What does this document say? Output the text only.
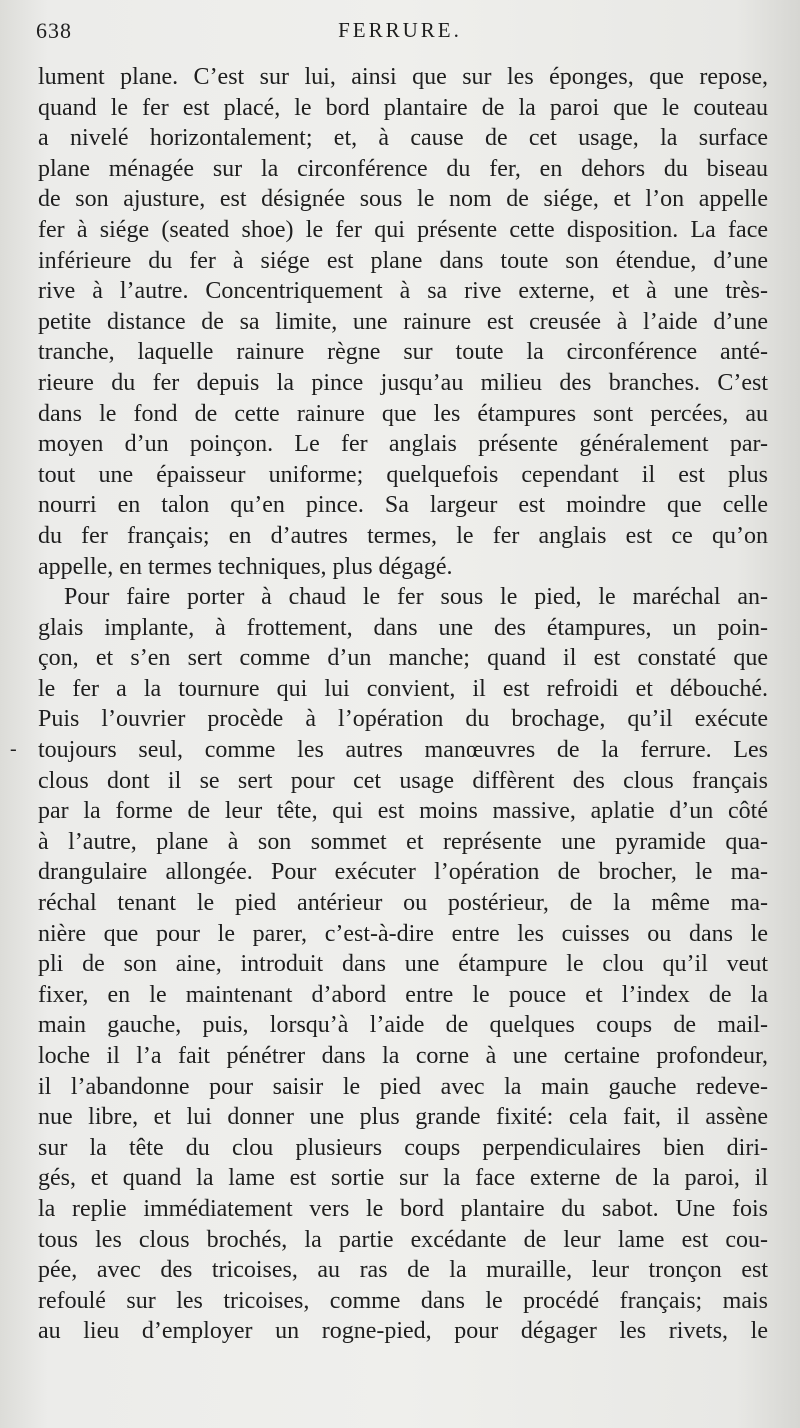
638	FERRURE.
-
lument plane. C’est sur lui, ainsi que sur les éponges, que repose,
quand le fer est placé, le bord plantaire de la paroi que le couteau
a nivelé horizontalement; et, à cause de cet usage, la surface
plane ménagée sur la circonférence du fer, en dehors du biseau
de son ajusture, est désignée sous le nom de siége, et l’on appelle
fer à siége (seated shoe) le fer qui présente cette disposition. La face
inférieure du fer à siége est plane dans toute son étendue, d’une
rive à l’autre. Concentriquement à sa rive externe, et à une très-
petite distance de sa limite, une rainure est creusée à l’aide d’une
tranche, laquelle rainure règne sur toute la circonférence anté-
rieure du fer depuis la pince jusqu’au milieu des branches. C’est
dans le fond de cette rainure que les étampures sont percées, au
moyen d’un poinçon. Le fer anglais présente généralement par-
tout une épaisseur uniforme; quelquefois cependant il est plus
nourri en talon qu’en pince. Sa largeur est moindre que celle
du fer français; en d’autres termes, le fer anglais est ce qu’on
appelle, en termes techniques, plus dégagé.
Pour faire porter à chaud le fer sous le pied, le maréchal an-
glais implante, à frottement, dans une des étampures, un poin-
çon, et s’en sert comme d’un manche; quand il est constaté que
le fer a la tournure qui lui convient, il est refroidi et débouché.
Puis l’ouvrier procède à l’opération du brochage, qu’il exécute
toujours seul, comme les autres manœuvres de la ferrure. Les
clous dont il se sert pour cet usage diffèrent des clous français
par la forme de leur tête, qui est moins massive, aplatie d’un côté
à l’autre, plane à son sommet et représente une pyramide qua-
drangulaire allongée. Pour exécuter l’opération de brocher, le ma-
réchal tenant le pied antérieur ou postérieur, de la même ma-
nière que pour le parer, c’est-à-dire entre les cuisses ou dans le
pli de son aine, introduit dans une étampure le clou qu’il veut
fixer, en le maintenant d’abord entre le pouce et l’index de la
main gauche, puis, lorsqu’à l’aide de quelques coups de mail-
loche il l’a fait pénétrer dans la corne à une certaine profondeur,
il l’abandonne pour saisir le pied avec la main gauche redeve-
nue libre, et lui donner une plus grande fixité: cela fait, il assène
sur la tête du clou plusieurs coups perpendiculaires bien diri-
gés, et quand la lame est sortie sur la face externe de la paroi, il
la replie immédiatement vers le bord plantaire du sabot. Une fois
tous les clous brochés, la partie excédante de leur lame est cou-
pée, avec des tricoises, au ras de la muraille, leur tronçon est
refoulé sur les tricoises, comme dans le procédé français; mais
au lieu d’employer un rogne-pied, pour dégager les rivets, le
